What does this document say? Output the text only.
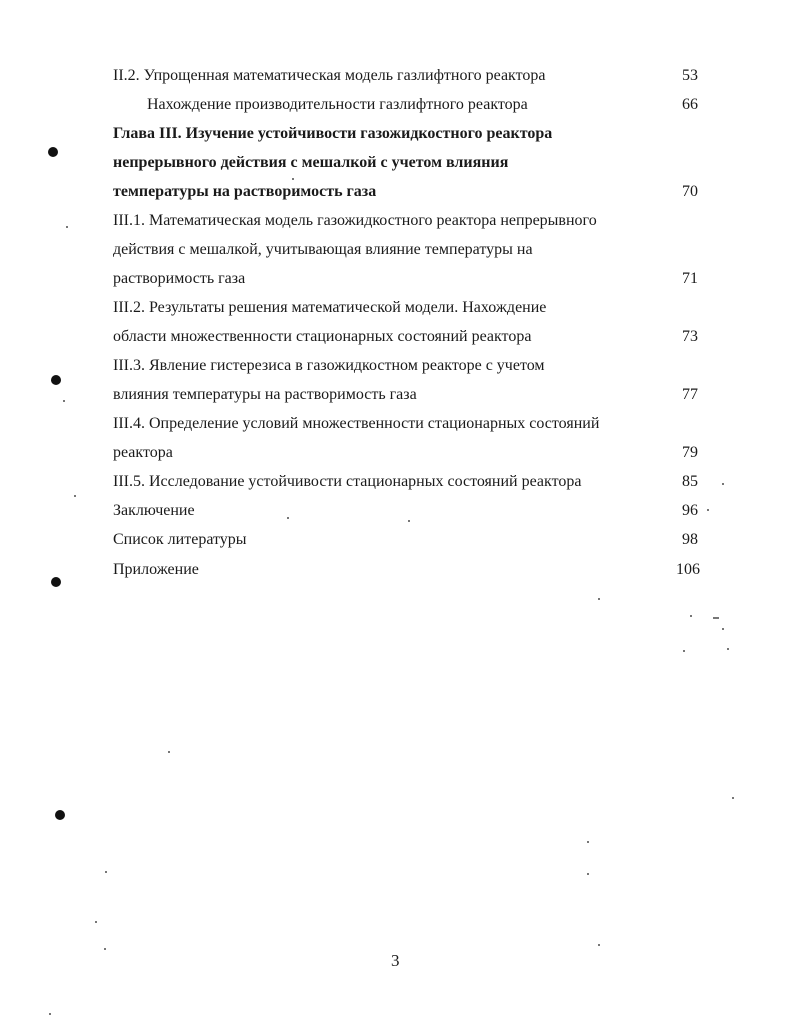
II.2. Упрощенная математическая модель газлифтного реактора	53
Нахождение производительности газлифтного реактора	66
Глава III. Изучение устойчивости газожидкостного реактора
непрерывного действия с мешалкой с учетом влияния
температуры на растворимость газа	70
III.1. Математическая модель газожидкостного реактора непрерывного
действия с мешалкой, учитывающая влияние температуры на
растворимость газа	71
III.2. Результаты решения математической модели. Нахождение
области множественности стационарных состояний реактора	73
III.3. Явление гистерезиса в газожидкостном реакторе с учетом
влияния температуры на растворимость газа	77
III.4. Определение условий множественности стационарных состояний
реактора	79
III.5. Исследование устойчивости стационарных состояний реактора	85
Заключение	96
Список литературы	98
Приложение	106
3
